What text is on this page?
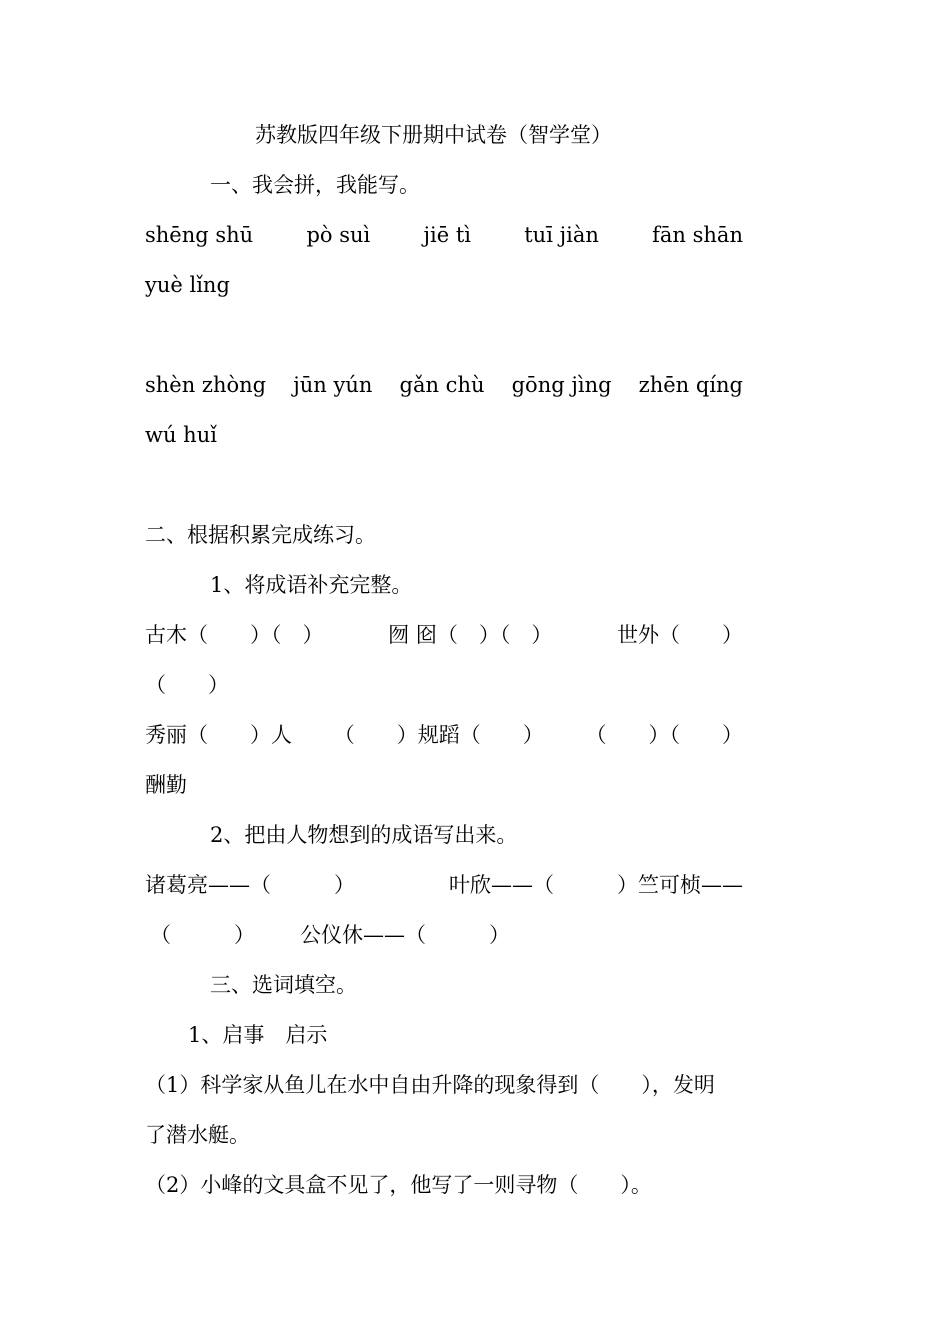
苏教版四年级下册期中试卷（智学堂）
一、我会拼，我能写。
shēng shū	pò suì	jiē tì	tuī jiàn	fān shān
yuè lǐng
shèn zhòng jūn yún gǎn chù gōng jìng zhēn qíng
wú huǐ
二、根据积累完成练习。
1、将成语补充完整。
古木（　　）（　）	囫 囵（　）（　）	世外（　　）
（　　）
秀丽（　　）人 （　　）规蹈（　　） （　　）（　　）
酬勤
2、把由人物想到的成语写出来。
诸葛亮——（　　　）	叶欣——（　　　）竺可桢——
（　　　） 公仪休——（　　　）
三、选词填空。
1、启事　启示
（1）科学家从鱼儿在水中自由升降的现象得到（　　），发明
了潜水艇。
（2）小峰的文具盒不见了，他写了一则寻物（　　）。
